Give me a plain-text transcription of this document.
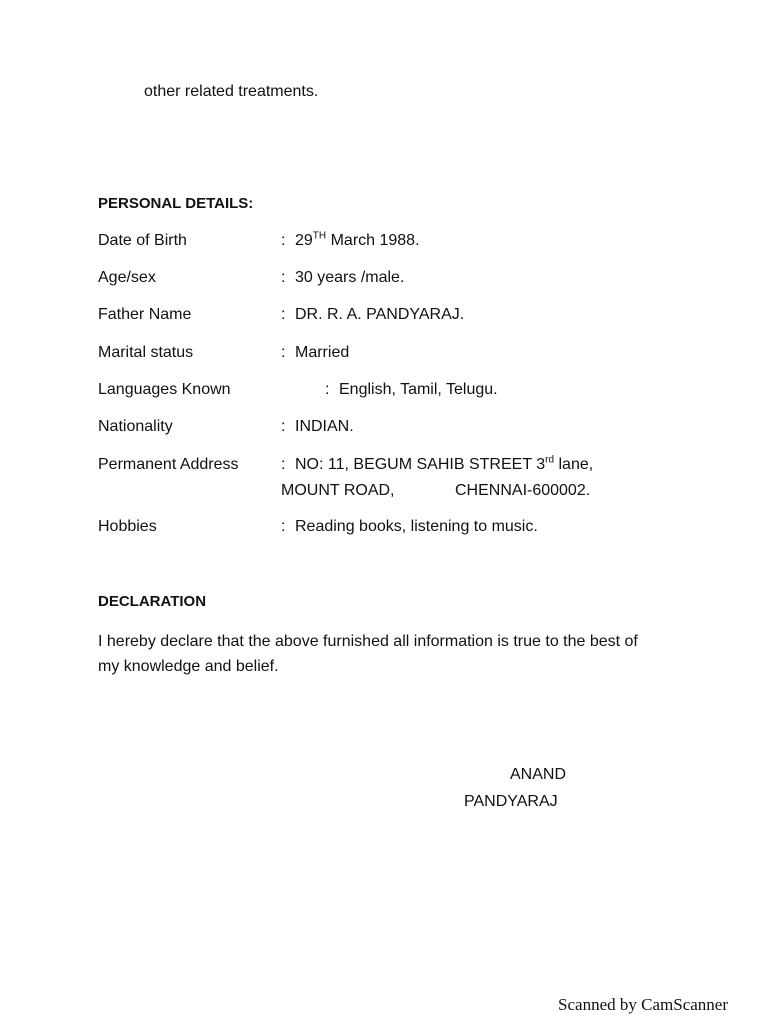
other related treatments.
PERSONAL DETAILS:
Date of Birth	: 29TH March 1988.
Age/sex	: 30 years /male.
Father Name	: DR. R. A. PANDYARAJ.
Marital status	: Married
Languages Known	: English, Tamil, Telugu.
Nationality	: INDIAN.
Permanent Address	: NO: 11, BEGUM SAHIB STREET 3rd lane,
MOUNT ROAD,	CHENNAI-600002.
Hobbies	: Reading books, listening to music.
DECLARATION
I hereby declare that the above furnished all information is true to the best of my knowledge and belief.
ANAND
PANDYARAJ
Scanned by CamScanner
